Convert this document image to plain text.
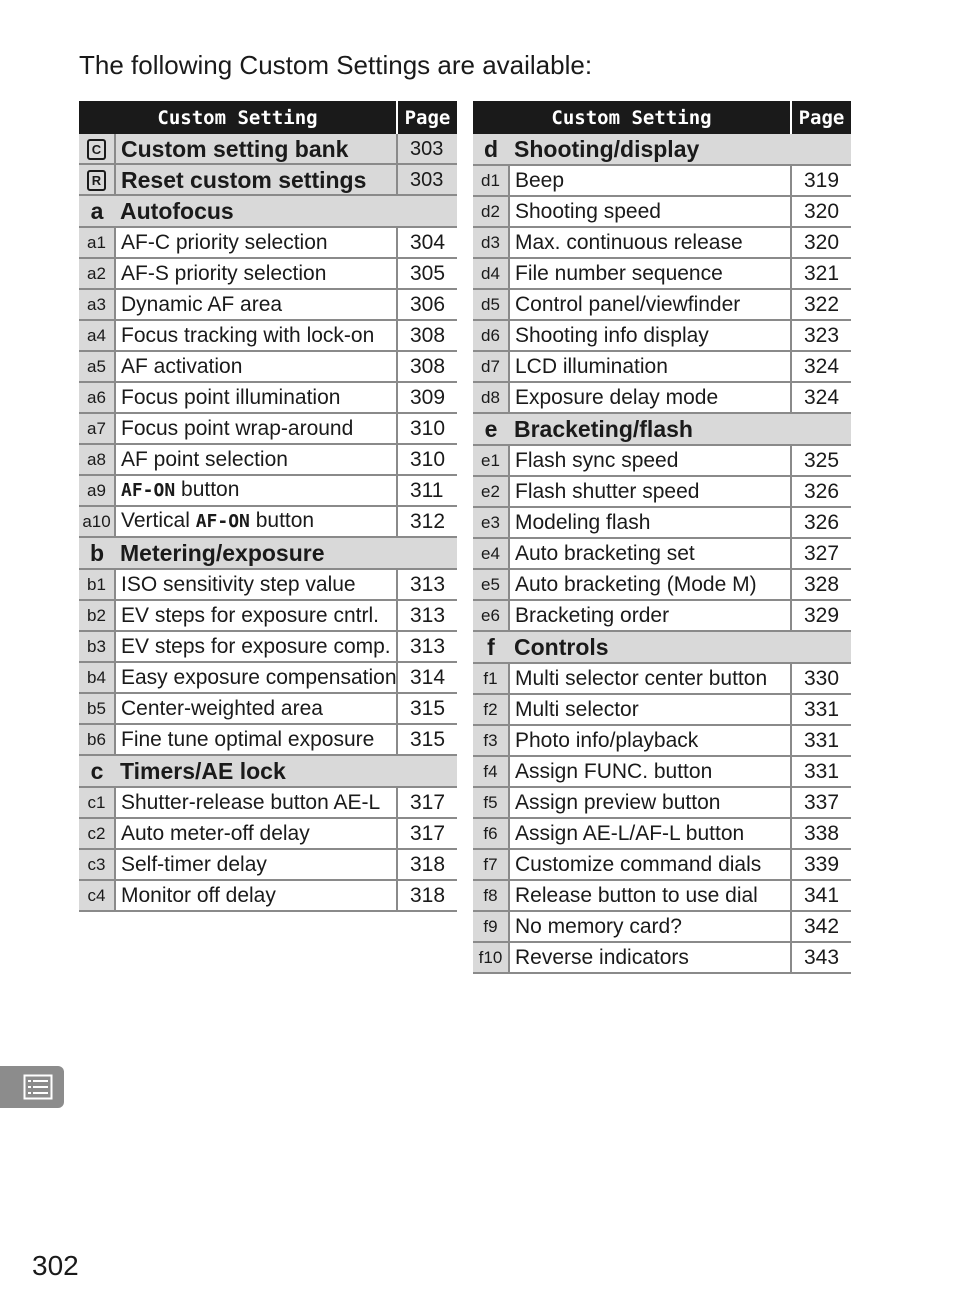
The following Custom Settings are available:
Custom Setting		Page
C	Custom setting bank	303
R	Reset custom settings	303
a	Autofocus	
a1	AF-C priority selection	304
a2	AF-S priority selection	305
a3	Dynamic AF area	306
a4	Focus tracking with lock-on	308
a5	AF activation	308
a6	Focus point illumination	309
a7	Focus point wrap-around	310
a8	AF point selection	310
a9	AF-ON button	311
a10	Vertical AF-ON button	312
b	Metering/exposure	
b1	ISO sensitivity step value	313
b2	EV steps for exposure cntrl.	313
b3	EV steps for exposure comp.	313
b4	Easy exposure compensation	314
b5	Center-weighted area	315
b6	Fine tune optimal exposure	315
c	Timers/AE lock	
c1	Shutter-release button AE-L	317
c2	Auto meter-off delay	317
c3	Self-timer delay	318
c4	Monitor off delay	318
Custom Setting		Page
d	Shooting/display	
d1	Beep	319
d2	Shooting speed	320
d3	Max. continuous release	320
d4	File number sequence	321
d5	Control panel/viewfinder	322
d6	Shooting info display	323
d7	LCD illumination	324
d8	Exposure delay mode	324
e	Bracketing/flash	
e1	Flash sync speed	325
e2	Flash shutter speed	326
e3	Modeling flash	326
e4	Auto bracketing set	327
e5	Auto bracketing (Mode M)	328
e6	Bracketing order	329
f	Controls	
f1	Multi selector center button	330
f2	Multi selector	331
f3	Photo info/playback	331
f4	Assign FUNC. button	331
f5	Assign preview button	337
f6	Assign AE-L/AF-L button	338
f7	Customize command dials	339
f8	Release button to use dial	341
f9	No memory card?	342
f10	Reverse indicators	343

302
